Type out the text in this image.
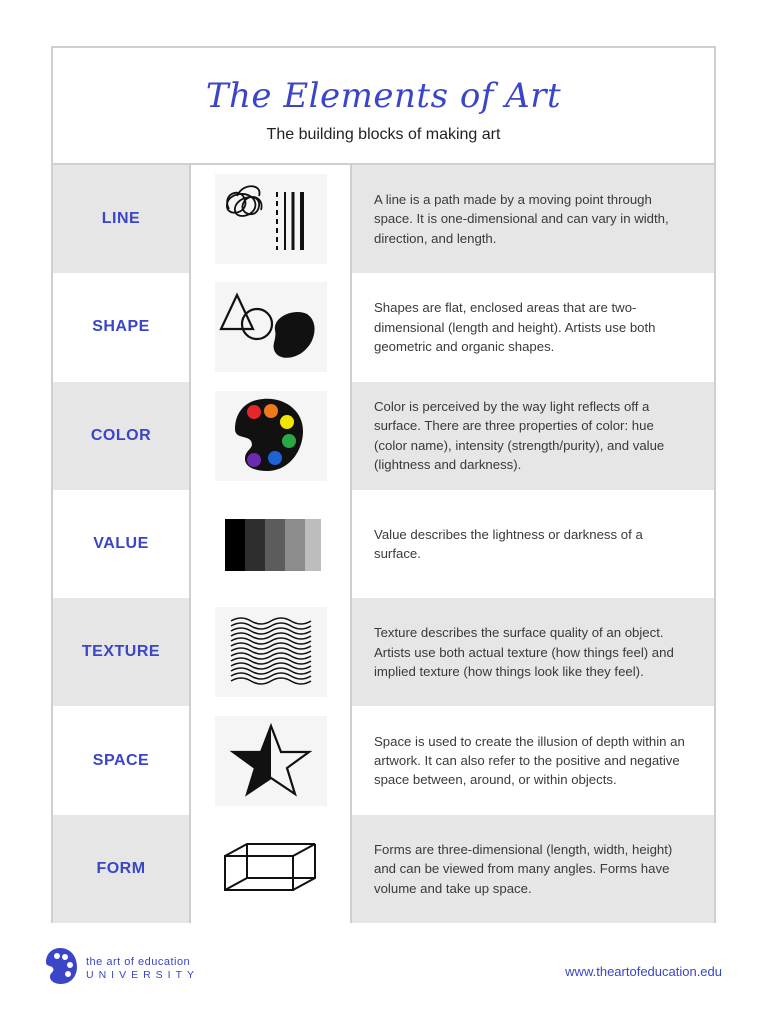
The Elements of Art
The building blocks of making art
LINE
A line is a path made by a moving point through space. It is one-dimensional and can vary in width, direction, and length.
SHAPE
Shapes are flat, enclosed areas that are two-dimensional (length and height). Artists use both geometric and organic shapes.
COLOR
Color is perceived by the way light reflects off a surface. There are three properties of color: hue (color name), intensity (strength/purity), and value (lightness and darkness).
VALUE
Value describes the lightness or darkness of a surface.
TEXTURE
Texture describes the surface quality of an object. Artists use both actual texture (how things feel) and implied texture (how things look like they feel).
SPACE
Space is used to create the illusion of depth within an artwork. It can also refer to the positive and negative space between, around, or within objects.
FORM
Forms are three-dimensional (length, width, height) and can be viewed from many angles. Forms have volume and take up space.
the art of education
UNIVERSITY	www.theartofeducation.edu
